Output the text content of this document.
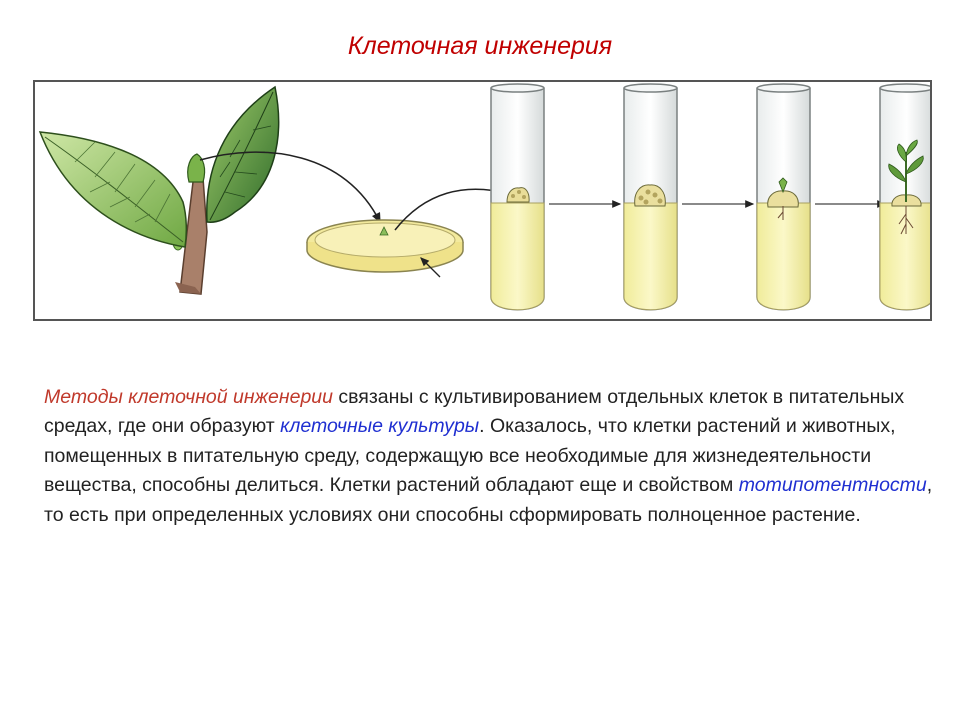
Клеточная инженерия
Методы клеточной инженерии связаны с культивированием отдельных клеток в питательных средах, где они образуют клеточные культуры. Оказалось, что клетки растений и животных, помещенных в питательную среду, содержащую все необходимые для жизнедеятельности вещества, способны делиться. Клетки растений обладают еще и свойством тотипотентности, то есть при определенных условиях они способны сформировать полноценное растение.
